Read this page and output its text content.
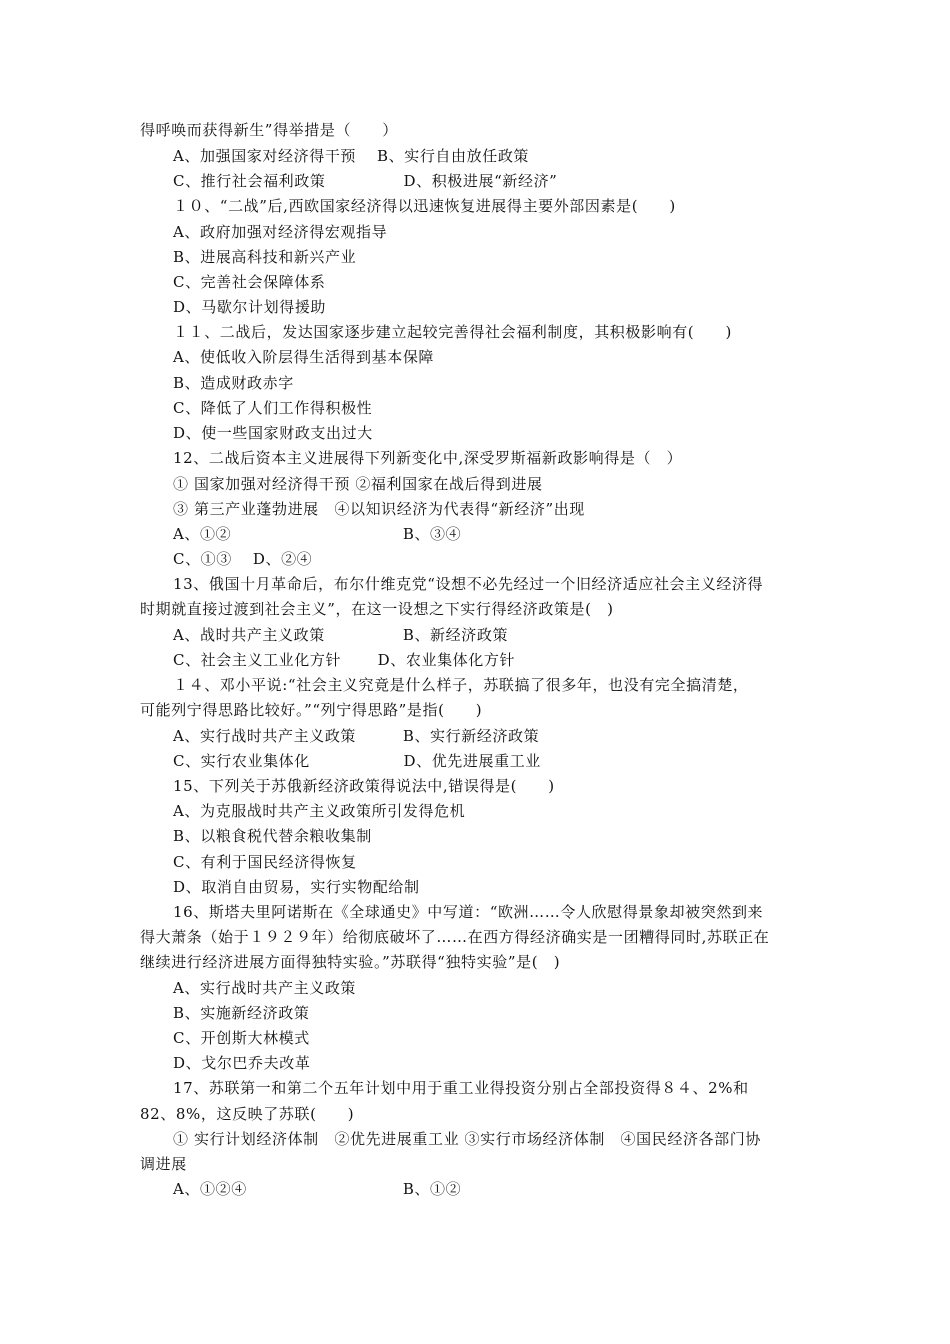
得呼唤而获得新生”得举措是（　　）

A、加强国家对经济得干预　 B、实行自由放任政策

C、推行社会福利政策　　　　　D、积极进展“新经济”

１０、“二战”后,西欧国家经济得以迅速恢复进展得主要外部因素是(　　)

A、政府加强对经济得宏观指导

B、进展高科技和新兴产业

C、完善社会保障体系

D、马歇尔计划得援助

１１、二战后，发达国家逐步建立起较完善得社会福利制度，其积极影响有(　　)

A、使低收入阶层得生活得到基本保障

B、造成财政赤字

C、降低了人们工作得积极性

D、使一些国家财政支出过大

12、二战后资本主义进展得下列新变化中,深受罗斯福新政影响得是（　）

① 国家加强对经济得干预 ②福利国家在战后得到进展

③ 第三产业蓬勃进展　④以知识经济为代表得“新经济”出现

A、①②　　　　　　　　　　　B、③④

C、①③　 D、②④

13、俄国十月革命后，布尔什维克党“设想不必先经过一个旧经济适应社会主义经济得

时期就直接过渡到社会主义”，在这一设想之下实行得经济政策是(　)

A、战时共产主义政策　　　　　B、新经济政策

C、社会主义工业化方针　　 D、农业集体化方针

１４、邓小平说:“社会主义究竟是什么样子，苏联搞了很多年，也没有完全搞清楚，

可能列宁得思路比较好。”“列宁得思路”是指(　　)

A、实行战时共产主义政策　　　B、实行新经济政策

C、实行农业集体化　　　　　　D、优先进展重工业

15、下列关于苏俄新经济政策得说法中,错误得是(　　)

A、为克服战时共产主义政策所引发得危机

B、以粮食税代替余粮收集制

C、有利于国民经济得恢复

D、取消自由贸易，实行实物配给制

16、斯塔夫里阿诺斯在《全球通史》中写道：“欧洲……令人欣慰得景象却被突然到来

得大萧条（始于１９２９年）给彻底破坏了……在西方得经济确实是一团糟得同时,苏联正在

继续进行经济进展方面得独特实验。”苏联得“独特实验”是(　)

A、实行战时共产主义政策

B、实施新经济政策

C、开创斯大林模式

D、戈尔巴乔夫改革

17、苏联第一和第二个五年计划中用于重工业得投资分别占全部投资得８４、2%和

82、8%，这反映了苏联(　　)

① 实行计划经济体制　②优先进展重工业 ③实行市场经济体制　④国民经济各部门协

调进展

A、①②④　　　　　　　　　　B、①②
